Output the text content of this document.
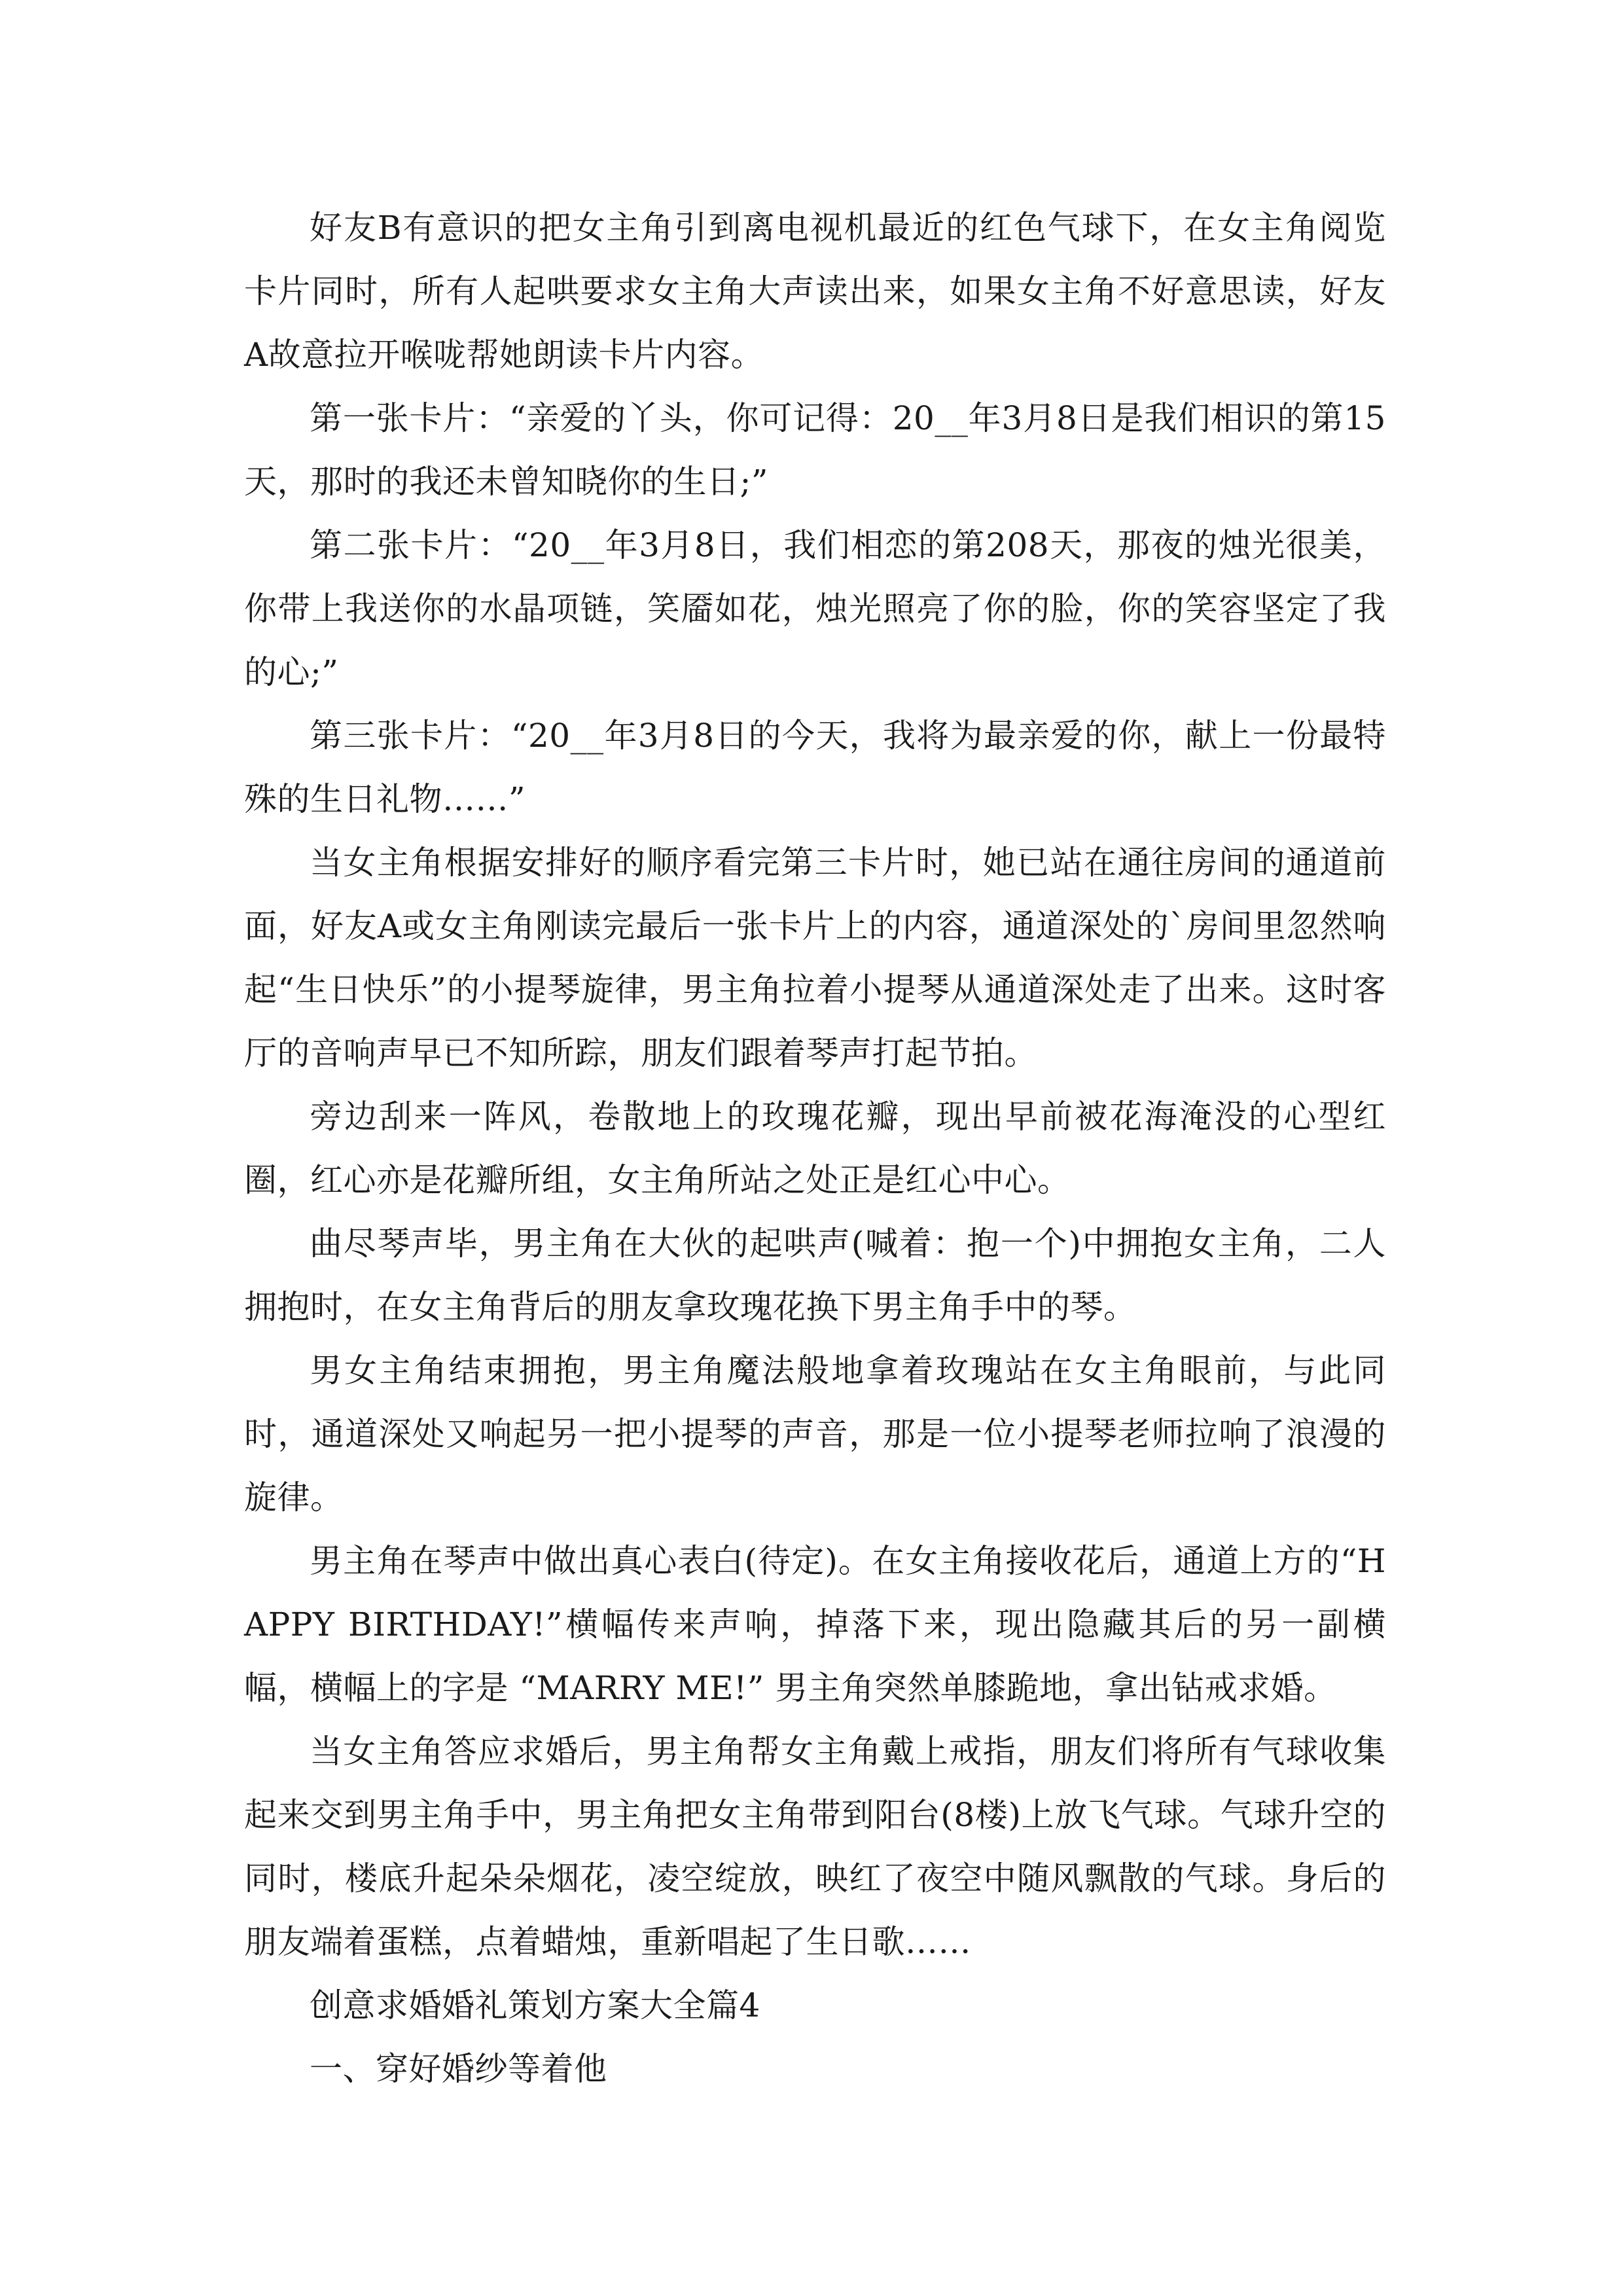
好友B有意识的把女主角引到离电视机最近的红色气球下，在女主角阅览卡片同时，所有人起哄要求女主角大声读出来，如果女主角不好意思读，好友A故意拉开喉咙帮她朗读卡片内容。

第一张卡片：“亲爱的丫头，你可记得：20__年3月8日是我们相识的第15天，那时的我还未曾知晓你的生日;”

第二张卡片：“20__年3月8日，我们相恋的第208天，那夜的烛光很美，你带上我送你的水晶项链，笑靥如花，烛光照亮了你的脸，你的笑容坚定了我的心;”

第三张卡片：“20__年3月8日的今天，我将为最亲爱的你，献上一份最特殊的生日礼物……”

当女主角根据安排好的顺序看完第三卡片时，她已站在通往房间的通道前面，好友A或女主角刚读完最后一张卡片上的内容，通道深处的`房间里忽然响起“生日快乐”的小提琴旋律，男主角拉着小提琴从通道深处走了出来。这时客厅的音响声早已不知所踪，朋友们跟着琴声打起节拍。

旁边刮来一阵风，卷散地上的玫瑰花瓣，现出早前被花海淹没的心型红圈，红心亦是花瓣所组，女主角所站之处正是红心中心。

曲尽琴声毕，男主角在大伙的起哄声(喊着：抱一个)中拥抱女主角，二人拥抱时，在女主角背后的朋友拿玫瑰花换下男主角手中的琴。

男女主角结束拥抱，男主角魔法般地拿着玫瑰站在女主角眼前，与此同时，通道深处又响起另一把小提琴的声音，那是一位小提琴老师拉响了浪漫的旋律。

男主角在琴声中做出真心表白(待定)。在女主角接收花后，通道上方的“HAPPY BIRTHDAY!”横幅传来声响，掉落下来，现出隐藏其后的另一副横幅，横幅上的字是 “MARRY ME!” 男主角突然单膝跪地，拿出钻戒求婚。

当女主角答应求婚后，男主角帮女主角戴上戒指，朋友们将所有气球收集起来交到男主角手中，男主角把女主角带到阳台(8楼)上放飞气球。气球升空的同时，楼底升起朵朵烟花，凌空绽放，映红了夜空中随风飘散的气球。身后的朋友端着蛋糕，点着蜡烛，重新唱起了生日歌……

创意求婚婚礼策划方案大全篇4

一、穿好婚纱等着他
